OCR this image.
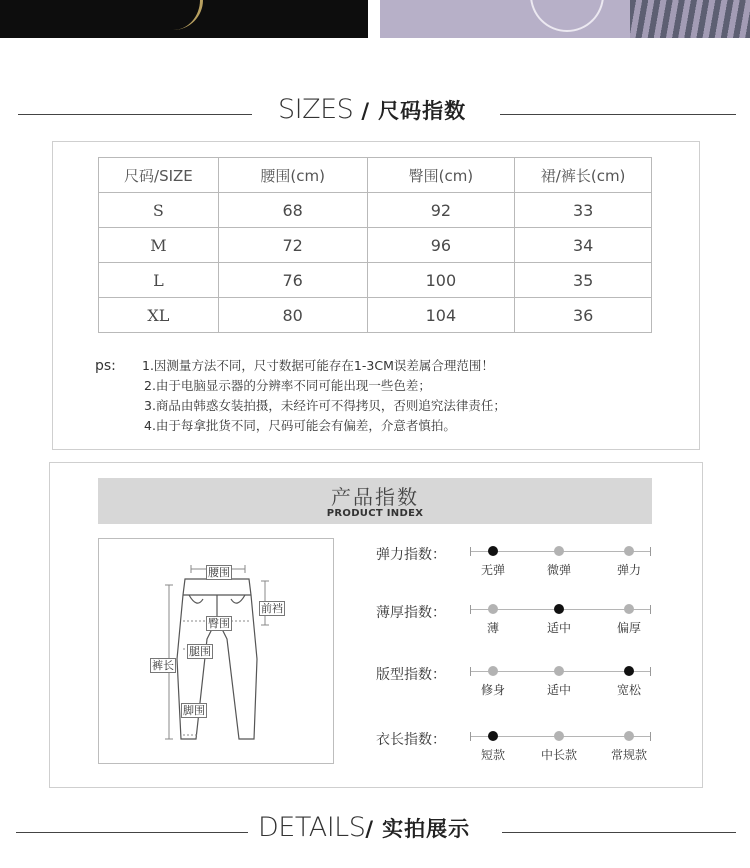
SIZES / 尺码指数
尺码/SIZE	腰围(cm)	臀围(cm)	裙/裤长(cm)
S	68	92	33
M	72	96	34
L	76	100	35
XL	80	104	36
ps: 1.因测量方法不同，尺寸数据可能存在1-3CM误差属合理范围！
2.由于电脑显示器的分辨率不同可能出现一些色差；
3.商品由韩惑女装拍摄，未经许可不得拷贝，否则追究法律责任；
4.由于每拿批货不同，尺码可能会有偏差，介意者慎拍。
产品指数
PRODUCT INDEX
腰围
前裆
臀围
腿围
裤长
脚围
弹力指数：
无弹	微弹	弹力
薄厚指数：
薄	适中	偏厚
版型指数：
修身	适中	宽松
衣长指数：
短款	中长款	常规款
DETAILS/ 实拍展示
